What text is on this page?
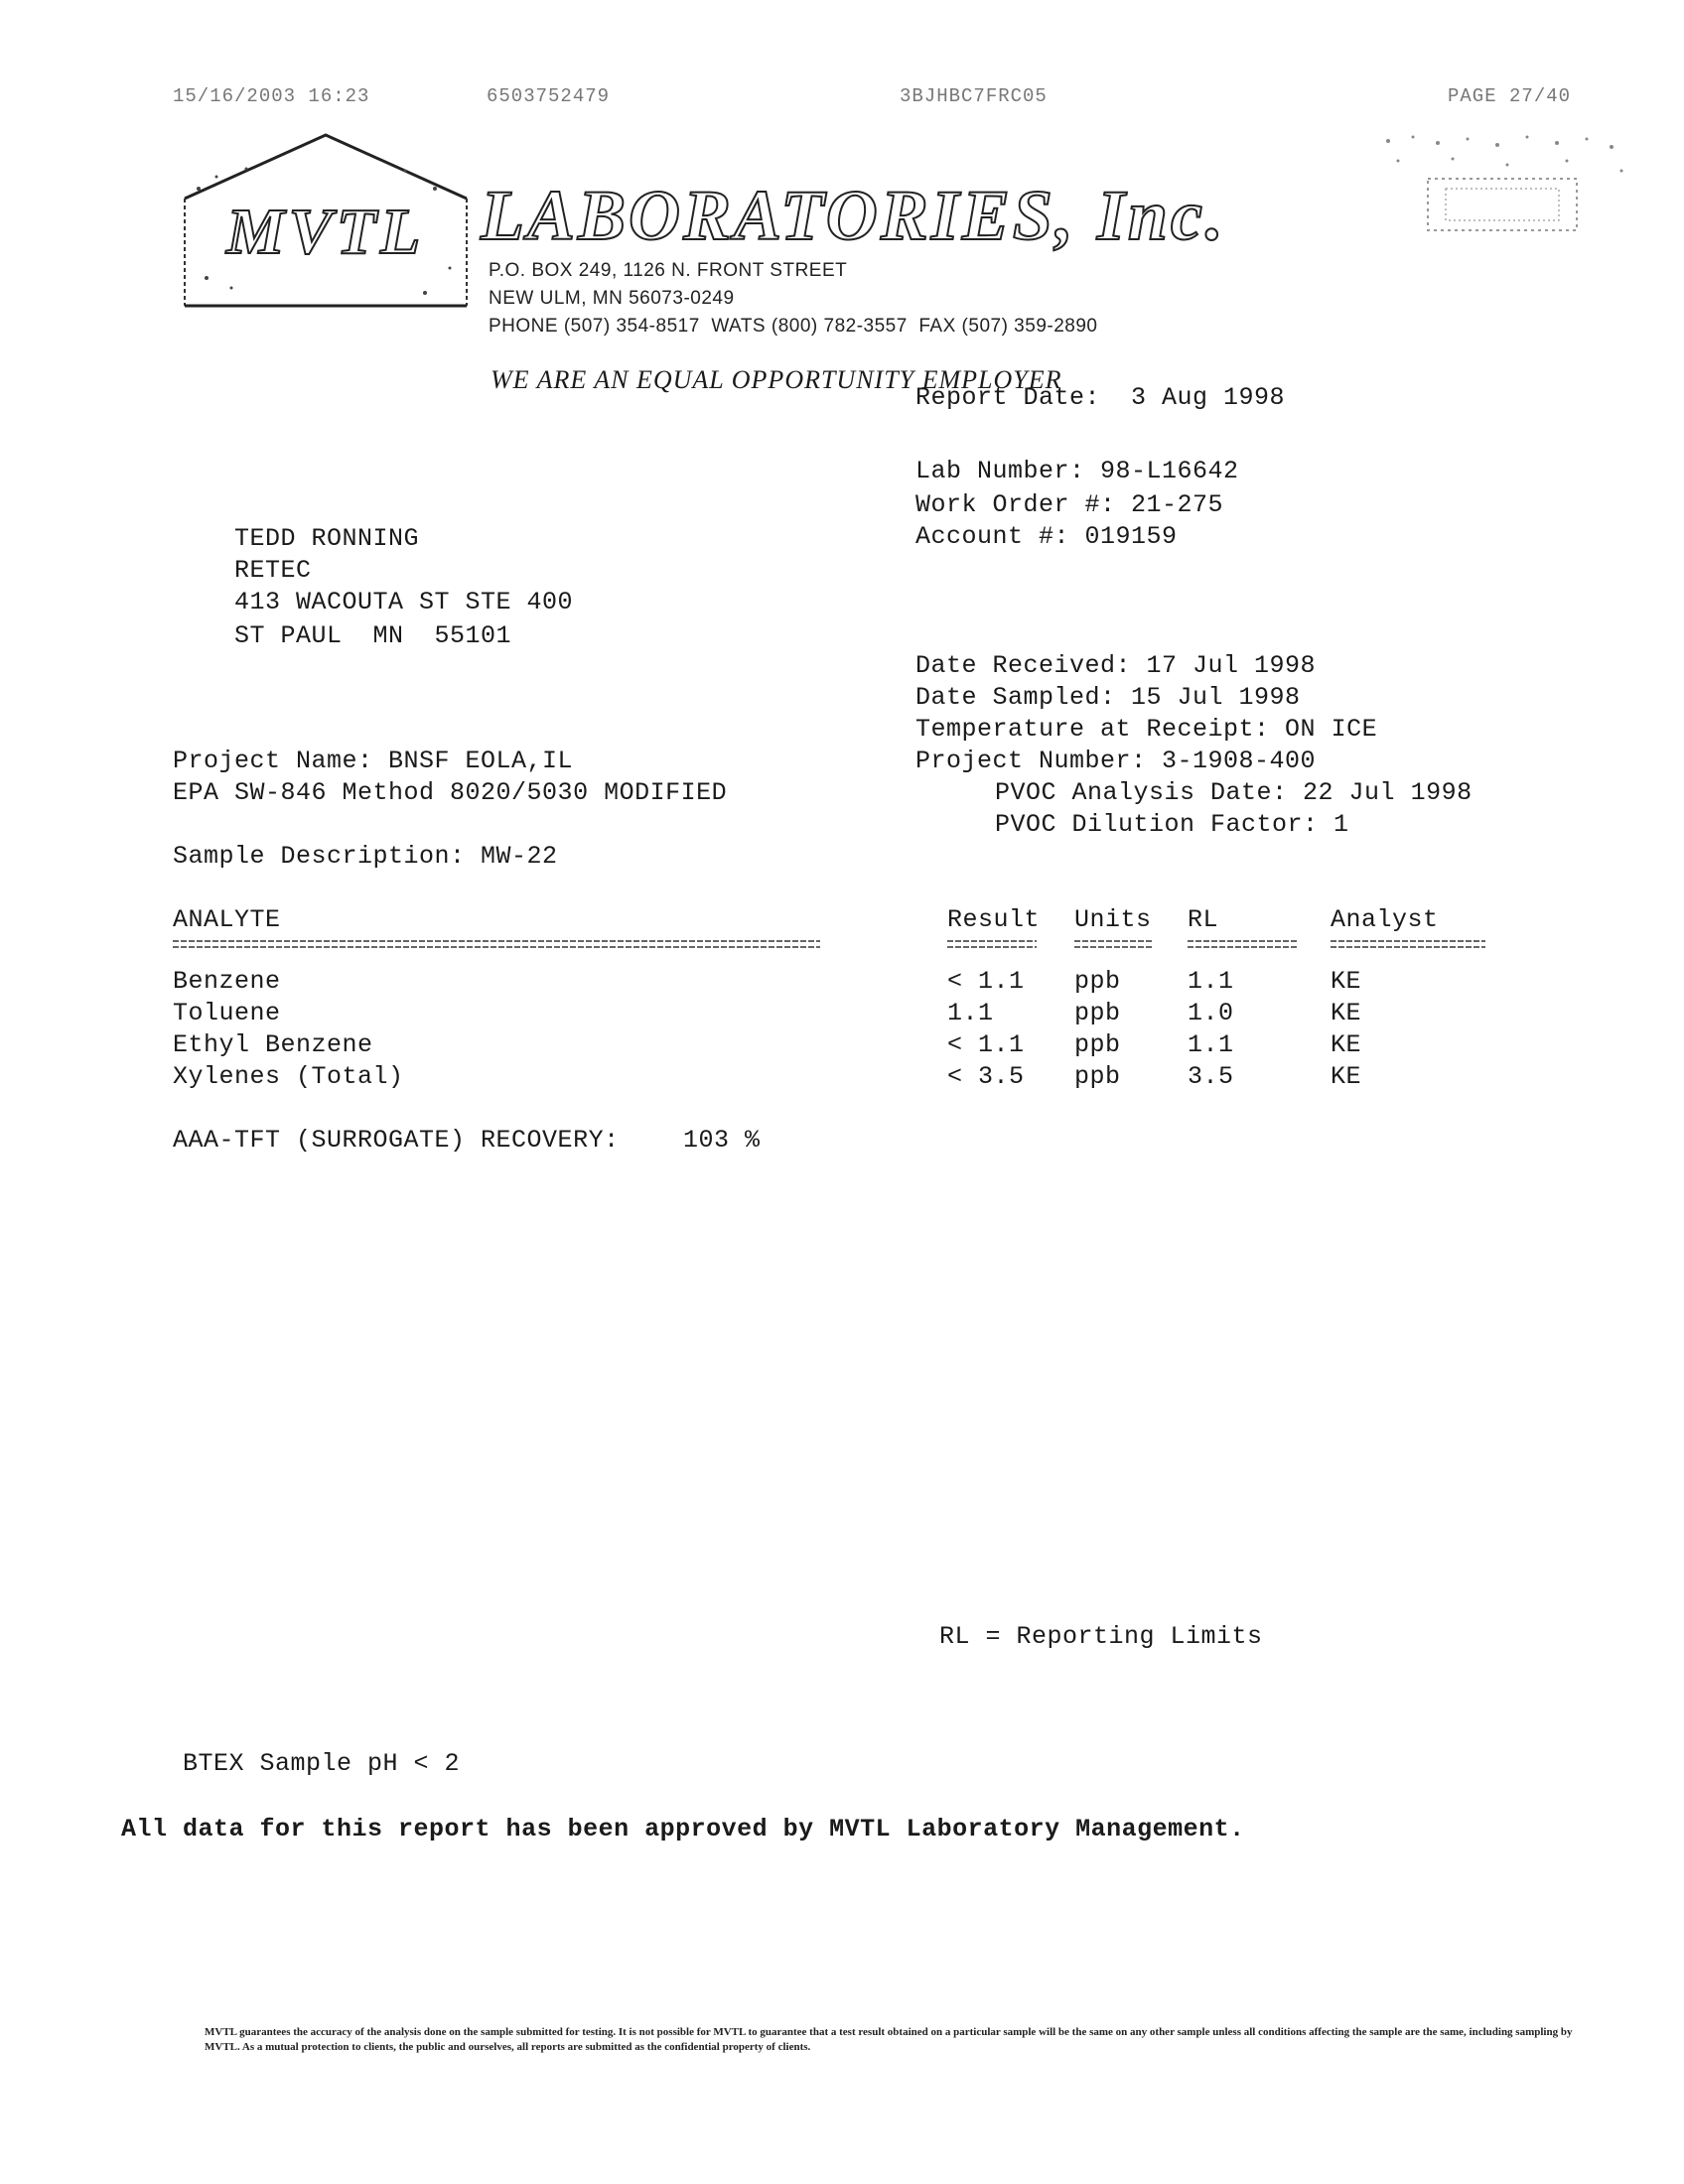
15/16/2003 16:23	6503752479	3BJHBC7FRC05	PAGE 27/40
MVTL LABORATORIES, Inc.
P.O. BOX 249, 1126 N. FRONT STREET
NEW ULM, MN 56073-0249
PHONE (507) 354-8517  WATS (800) 782-3557  FAX (507) 359-2890
WE ARE AN EQUAL OPPORTUNITY EMPLOYER
Report Date:  3 Aug 1998
Lab Number: 98-L16642
Work Order #: 21-275
Account #: 019159
TEDD RONNING
RETEC
413 WACOUTA ST STE 400
ST PAUL  MN  55101
Date Received: 17 Jul 1998
Date Sampled: 15 Jul 1998
Temperature at Receipt: ON ICE
Project Number: 3-1908-400
PVOC Analysis Date: 22 Jul 1998
PVOC Dilution Factor: 1
Project Name: BNSF EOLA,IL
EPA SW-846 Method 8020/5030 MODIFIED
Sample Description: MW-22
ANALYTE	Result Units RL	Analyst
Benzene	< 1.1 ppb	1.1	KE
Toluene	1.1	ppb	1.0	KE
Ethyl Benzene	< 1.1 ppb	1.1	KE
Xylenes (Total)	< 3.5 ppb	3.5	KE
AAA-TFT (SURROGATE) RECOVERY:	103 %
RL = Reporting Limits
BTEX Sample pH < 2
All data for this report has been approved by MVTL Laboratory Management.
MVTL guarantees the accuracy of the analysis done on the sample submitted for testing. It is not possible for MVTL to guarantee that a test result obtained on a particular sample will be the same on any other sample unless all conditions affecting the sample are the same, including sampling by MVTL. As a mutual protection to clients, the public and ourselves, all reports are submitted as the confidential property of clients.
